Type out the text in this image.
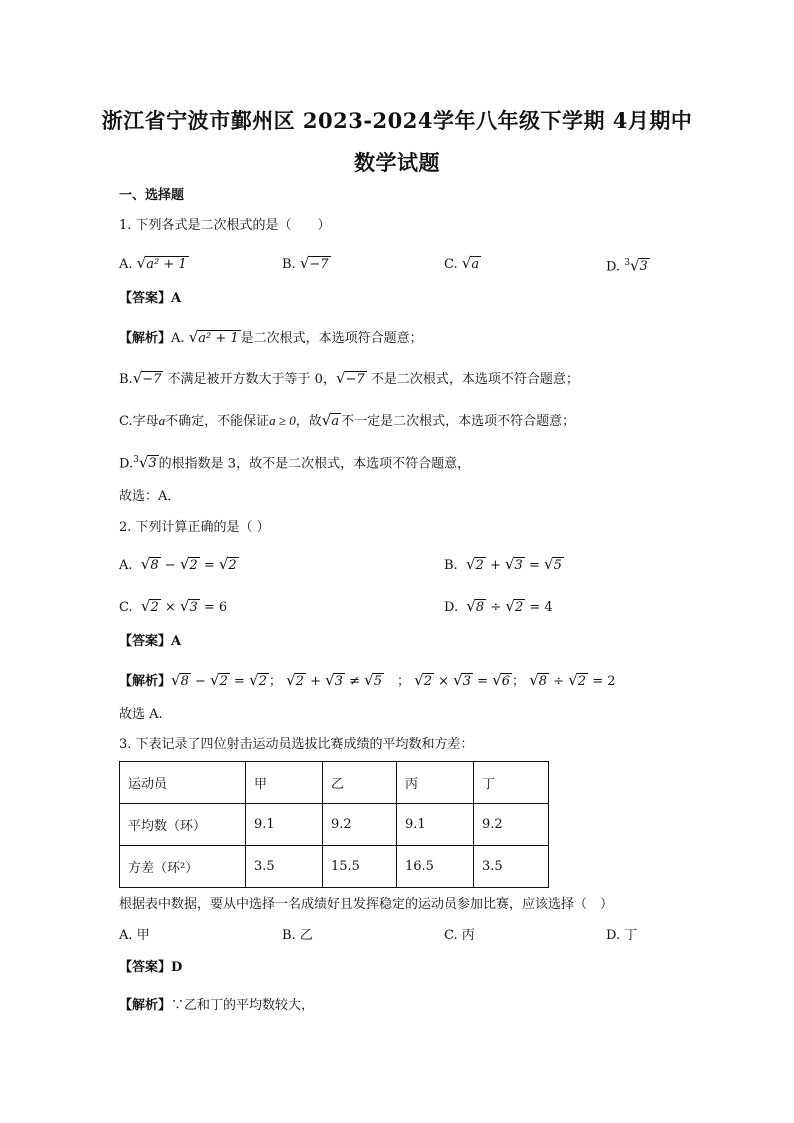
浙江省宁波市鄞州区 2023-2024学年八年级下学期 4月期中
数学试题
一、选择题
1. 下列各式是二次根式的是（　　）
A. √a² + 1	B. √−7	C. √a	D. $^3$√3
【答案】A
【解析】A. √a² + 1 是二次根式，本选项符合题意；
B.√−7 不满足被开方数大于等于 0，√−7 不是二次根式，本选项不符合题意；
C.字母a不确定，不能保证a ≥ 0，故√a 不一定是二次根式，本选项不符合题意；
D.$^3$√3 的根指数是 3，故不是二次根式，本选项不符合题意，
故选：A．
2. 下列计算正确的是（ ）
A. √8 − √2 = √2	B. √2 + √3 = √5
C. √2 × √3 = 6	D. √8 ÷ √2 = 4
【答案】A
【解析】√8 − √2 = √2 ； √2 + √3 ≠ √5　； √2 × √3 = √6 ； √8 ÷ √2 = 2
故选 A.
3. 下表记录了四位射击运动员选拔比赛成绩的平均数和方差：
运动员	甲	乙	丙	丁
平均数（环）	9.1	9.2	9.1	9.2
方差（环²）	3.5	15.5	16.5	3.5
根据表中数据，要从中选择一名成绩好且发挥稳定的运动员参加比赛，应该选择（　）
A. 甲	B. 乙	C. 丙	D. 丁
【答案】D
【解析】∵乙和丁的平均数较大，
